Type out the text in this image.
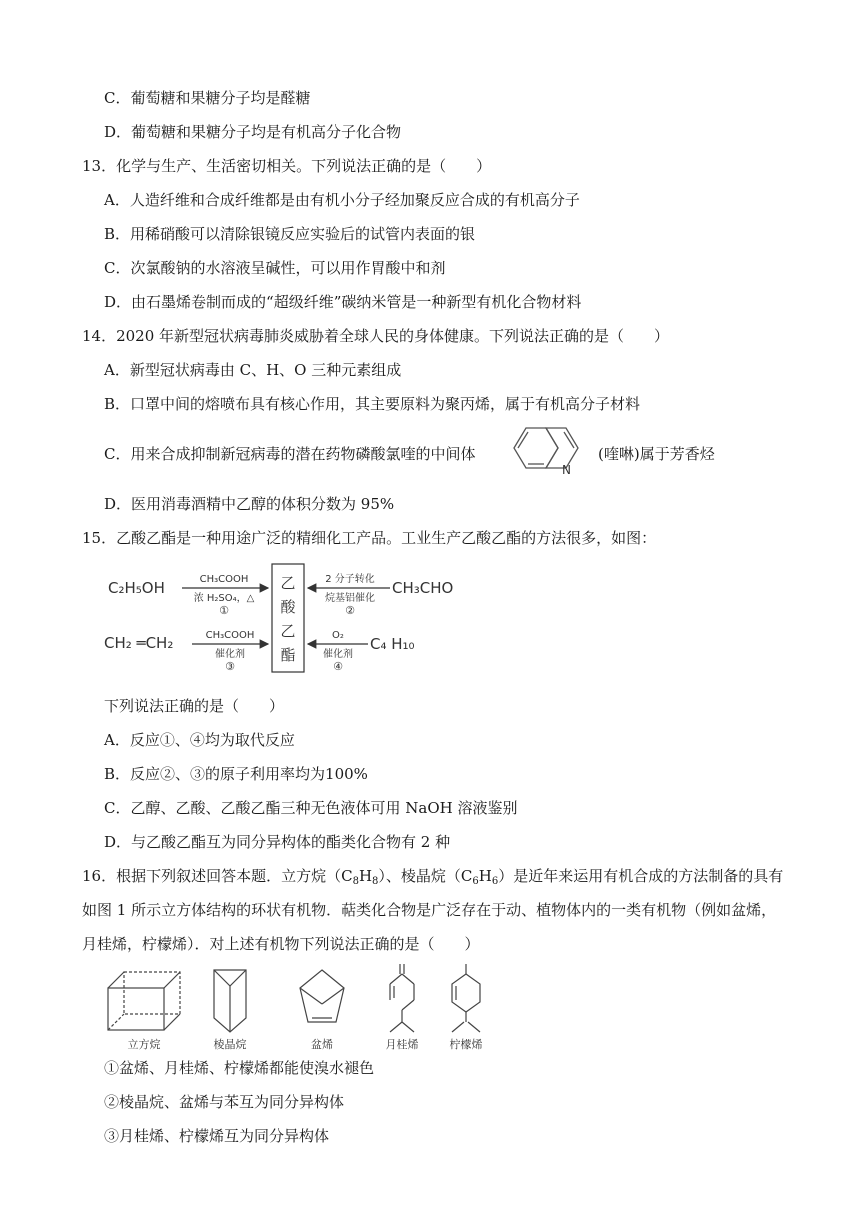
C．葡萄糖和果糖分子均是醛糖
D．葡萄糖和果糖分子均是有机高分子化合物
13．化学与生产、生活密切相关。下列说法正确的是（　　）
A．人造纤维和合成纤维都是由有机小分子经加聚反应合成的有机高分子
B．用稀硝酸可以清除银镜反应实验后的试管内表面的银
C．次氯酸钠的水溶液呈碱性，可以用作胃酸中和剂
D．由石墨烯卷制而成的“超级纤维”碳纳米管是一种新型有机化合物材料
14．2020 年新型冠状病毒肺炎威胁着全球人民的身体健康。下列说法正确的是（　　）
A．新型冠状病毒由 C、H、O 三种元素组成
B．口罩中间的熔喷布具有核心作用，其主要原料为聚丙烯，属于有机高分子材料
C．用来合成抑制新冠病毒的潜在药物磷酸氯喹的中间体
N
(喹啉)属于芳香烃
D．医用消毒酒精中乙醇的体积分数为 95%
15．乙酸乙酯是一种用途广泛的精细化工产品。工业生产乙酸乙酯的方法很多，如图：
乙
酸
乙
酯
C₂H₅OH	CH₃COOH
浓 H₂SO₄，△
①
2 分子转化
烷基铝催化
②
CH₃CHO
CH₂ ═CH₂	CH₃COOH
催化剂
③
O₂
催化剂
④
C₄ H₁₀
下列说法正确的是（　　）
A．反应①、④均为取代反应
B．反应②、③的原子利用率均为100%
C．乙醇、乙酸、乙酸乙酯三种无色液体可用 NaOH 溶液鉴别
D．与乙酸乙酯互为同分异构体的酯类化合物有 2 种
16．根据下列叙述回答本题．立方烷$(C_8H_8)$、棱晶烷$(C_6H_6)$是近年来运用有机合成的方法制备的具有
如图 1 所示立方体结构的环状有机物．萜类化合物是广泛存在于动、植物体内的一类有机物（例如盆烯，
月桂烯，柠檬烯）．对上述有机物下列说法正确的是（　　）
立方烷	棱晶烷	盆烯	月桂烯	柠檬烯
①盆烯、月桂烯、柠檬烯都能使溴水褪色
②棱晶烷、盆烯与苯互为同分异构体
③月桂烯、柠檬烯互为同分异构体
